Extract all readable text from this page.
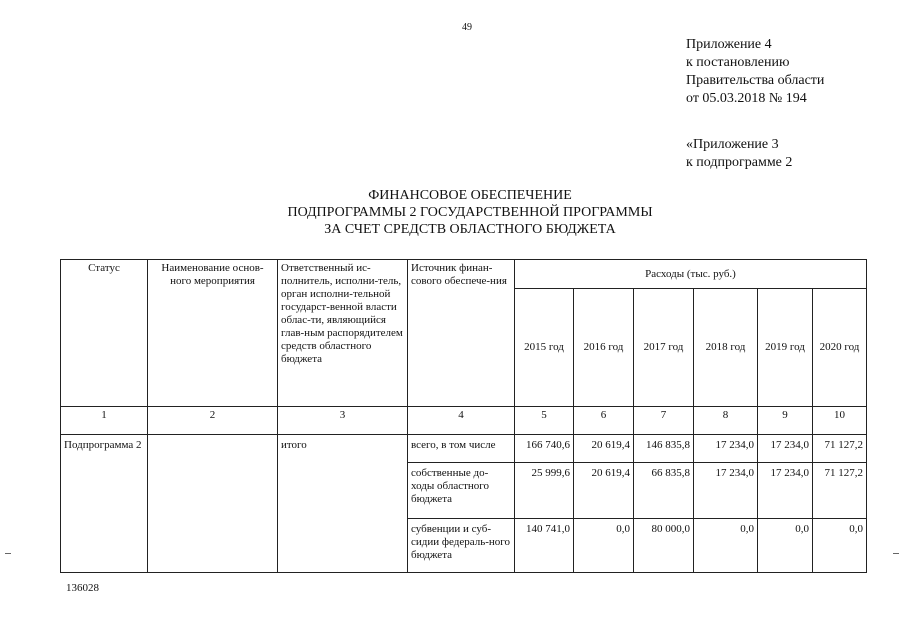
49
Приложение 4
к постановлению
Правительства области
от 05.03.2018 № 194
«Приложение 3
к подпрограмме 2
ФИНАНСОВОЕ ОБЕСПЕЧЕНИЕ
ПОДПРОГРАММЫ 2 ГОСУДАРСТВЕННОЙ ПРОГРАММЫ
ЗА СЧЕТ СРЕДСТВ ОБЛАСТНОГО БЮДЖЕТА
Статус	Наименование основ-ного мероприятия	Ответственный ис-полнитель, исполни-тель, орган исполни-тельной государст-венной власти облас-ти, являющийся глав-ным распорядителем средств областного бюджета	Источник финан-сового обеспече-ния	Расходы (тыс. руб.)					
				2015 год	2016 год	2017 год	2018 год	2019 год	2020 год
1	2	3	4	5	6	7	8	9	10
Подпрограмма 2		итого	всего, в том числе	166 740,6	20 619,4	146 835,8	17 234,0	17 234,0	71 127,2
			собственные до-ходы областного бюджета	25 999,6	20 619,4	66 835,8	17 234,0	17 234,0	71 127,2
			субвенции и суб-сидии федераль-ного бюджета	140 741,0	0,0	80 000,0	0,0	0,0	0,0
136028
